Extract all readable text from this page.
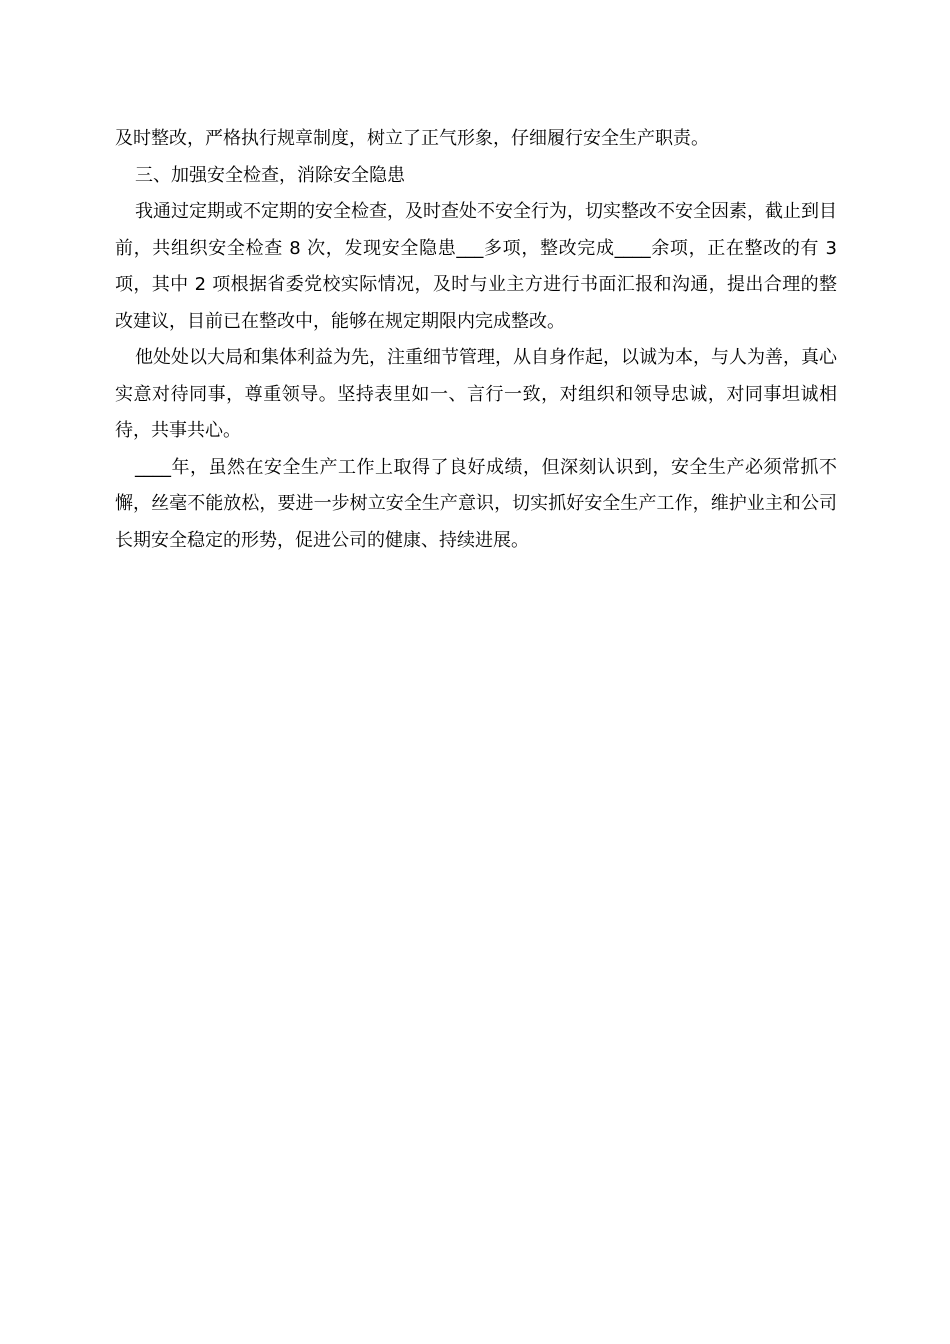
及时整改，严格执行规章制度，树立了正气形象，仔细履行安全生产职责。

三、加强安全检查，消除安全隐患

我通过定期或不定期的安全检查，及时查处不安全行为，切实整改不安全因素，截止到目前，共组织安全检查 8 次，发现安全隐患___多项，整改完成____余项，正在整改的有 3 项，其中 2 项根据省委党校实际情况，及时与业主方进行书面汇报和沟通，提出合理的整改建议，目前已在整改中，能够在规定期限内完成整改。

他处处以大局和集体利益为先，注重细节管理，从自身作起，以诚为本，与人为善，真心实意对待同事，尊重领导。坚持表里如一、言行一致，对组织和领导忠诚，对同事坦诚相待，共事共心。

____年，虽然在安全生产工作上取得了良好成绩，但深刻认识到，安全生产必须常抓不懈，丝毫不能放松，要进一步树立安全生产意识，切实抓好安全生产工作，维护业主和公司长期安全稳定的形势，促进公司的健康、持续进展。
